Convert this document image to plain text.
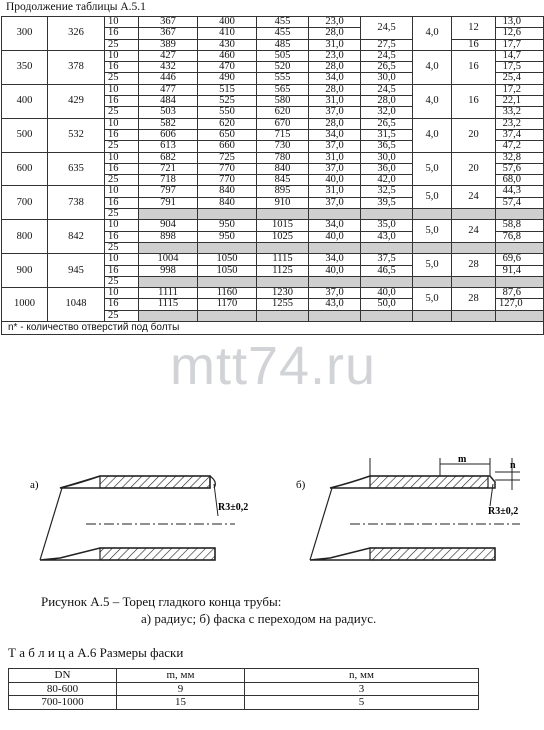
Продолжение таблицы А.5.1
300	326	10	367	400	455	23,0	24,5	4,0	12	13,0
		16	367	410	455	28,0				12,6
		25	389	430	485	31,0	27,5		16	17,7
350	378	10	427	460	505	23,0	24,5	4,0	16	14,7
		16	432	470	520	28,0	26,5			17,5
		25	446	490	555	34,0	30,0			25,4
400	429	10	477	515	565	28,0	24,5	4,0	16	17,2
		16	484	525	580	31,0	28,0			22,1
		25	503	550	620	37,0	32,0			33,2
500	532	10	582	620	670	28,0	26,5	4,0	20	23,2
		16	606	650	715	34,0	31,5			37,4
		25	613	660	730	37,0	36,5			47,2
600	635	10	682	725	780	31,0	30,0	5,0	20	32,8
		16	721	770	840	37,0	36,0			57,6
		25	718	770	845	40,0	42,0			68,0
700	738	10	797	840	895	31,0	32,5	5,0	24	44,3
		16	791	840	910	37,0	39,5			57,4
		25								
800	842	10	904	950	1015	34,0	35,0	5,0	24	58,8
		16	898	950	1025	40,0	43,0			76,8
		25								
900	945	10	1004	1050	1115	34,0	37,5	5,0	28	69,6
		16	998	1050	1125	40,0	46,5			91,4
		25								
1000	1048	10	1111	1160	1230	37,0	40,0	5,0	28	87,6
		16	1115	1170	1255	43,0	50,0			127,0
		25								
n* - количество отверстий под болты										
mtt74.ru
а)
R3±0,2
б)
m
n
R3±0,2
Рисунок А.5 – Торец гладкого конца трубы:
а) радиус; б) фаска с переходом на радиус.
Т а б л и ц а А.6 Размеры фаски
DN	m, мм	n, мм
80-600	9	3
700-1000	15	5
